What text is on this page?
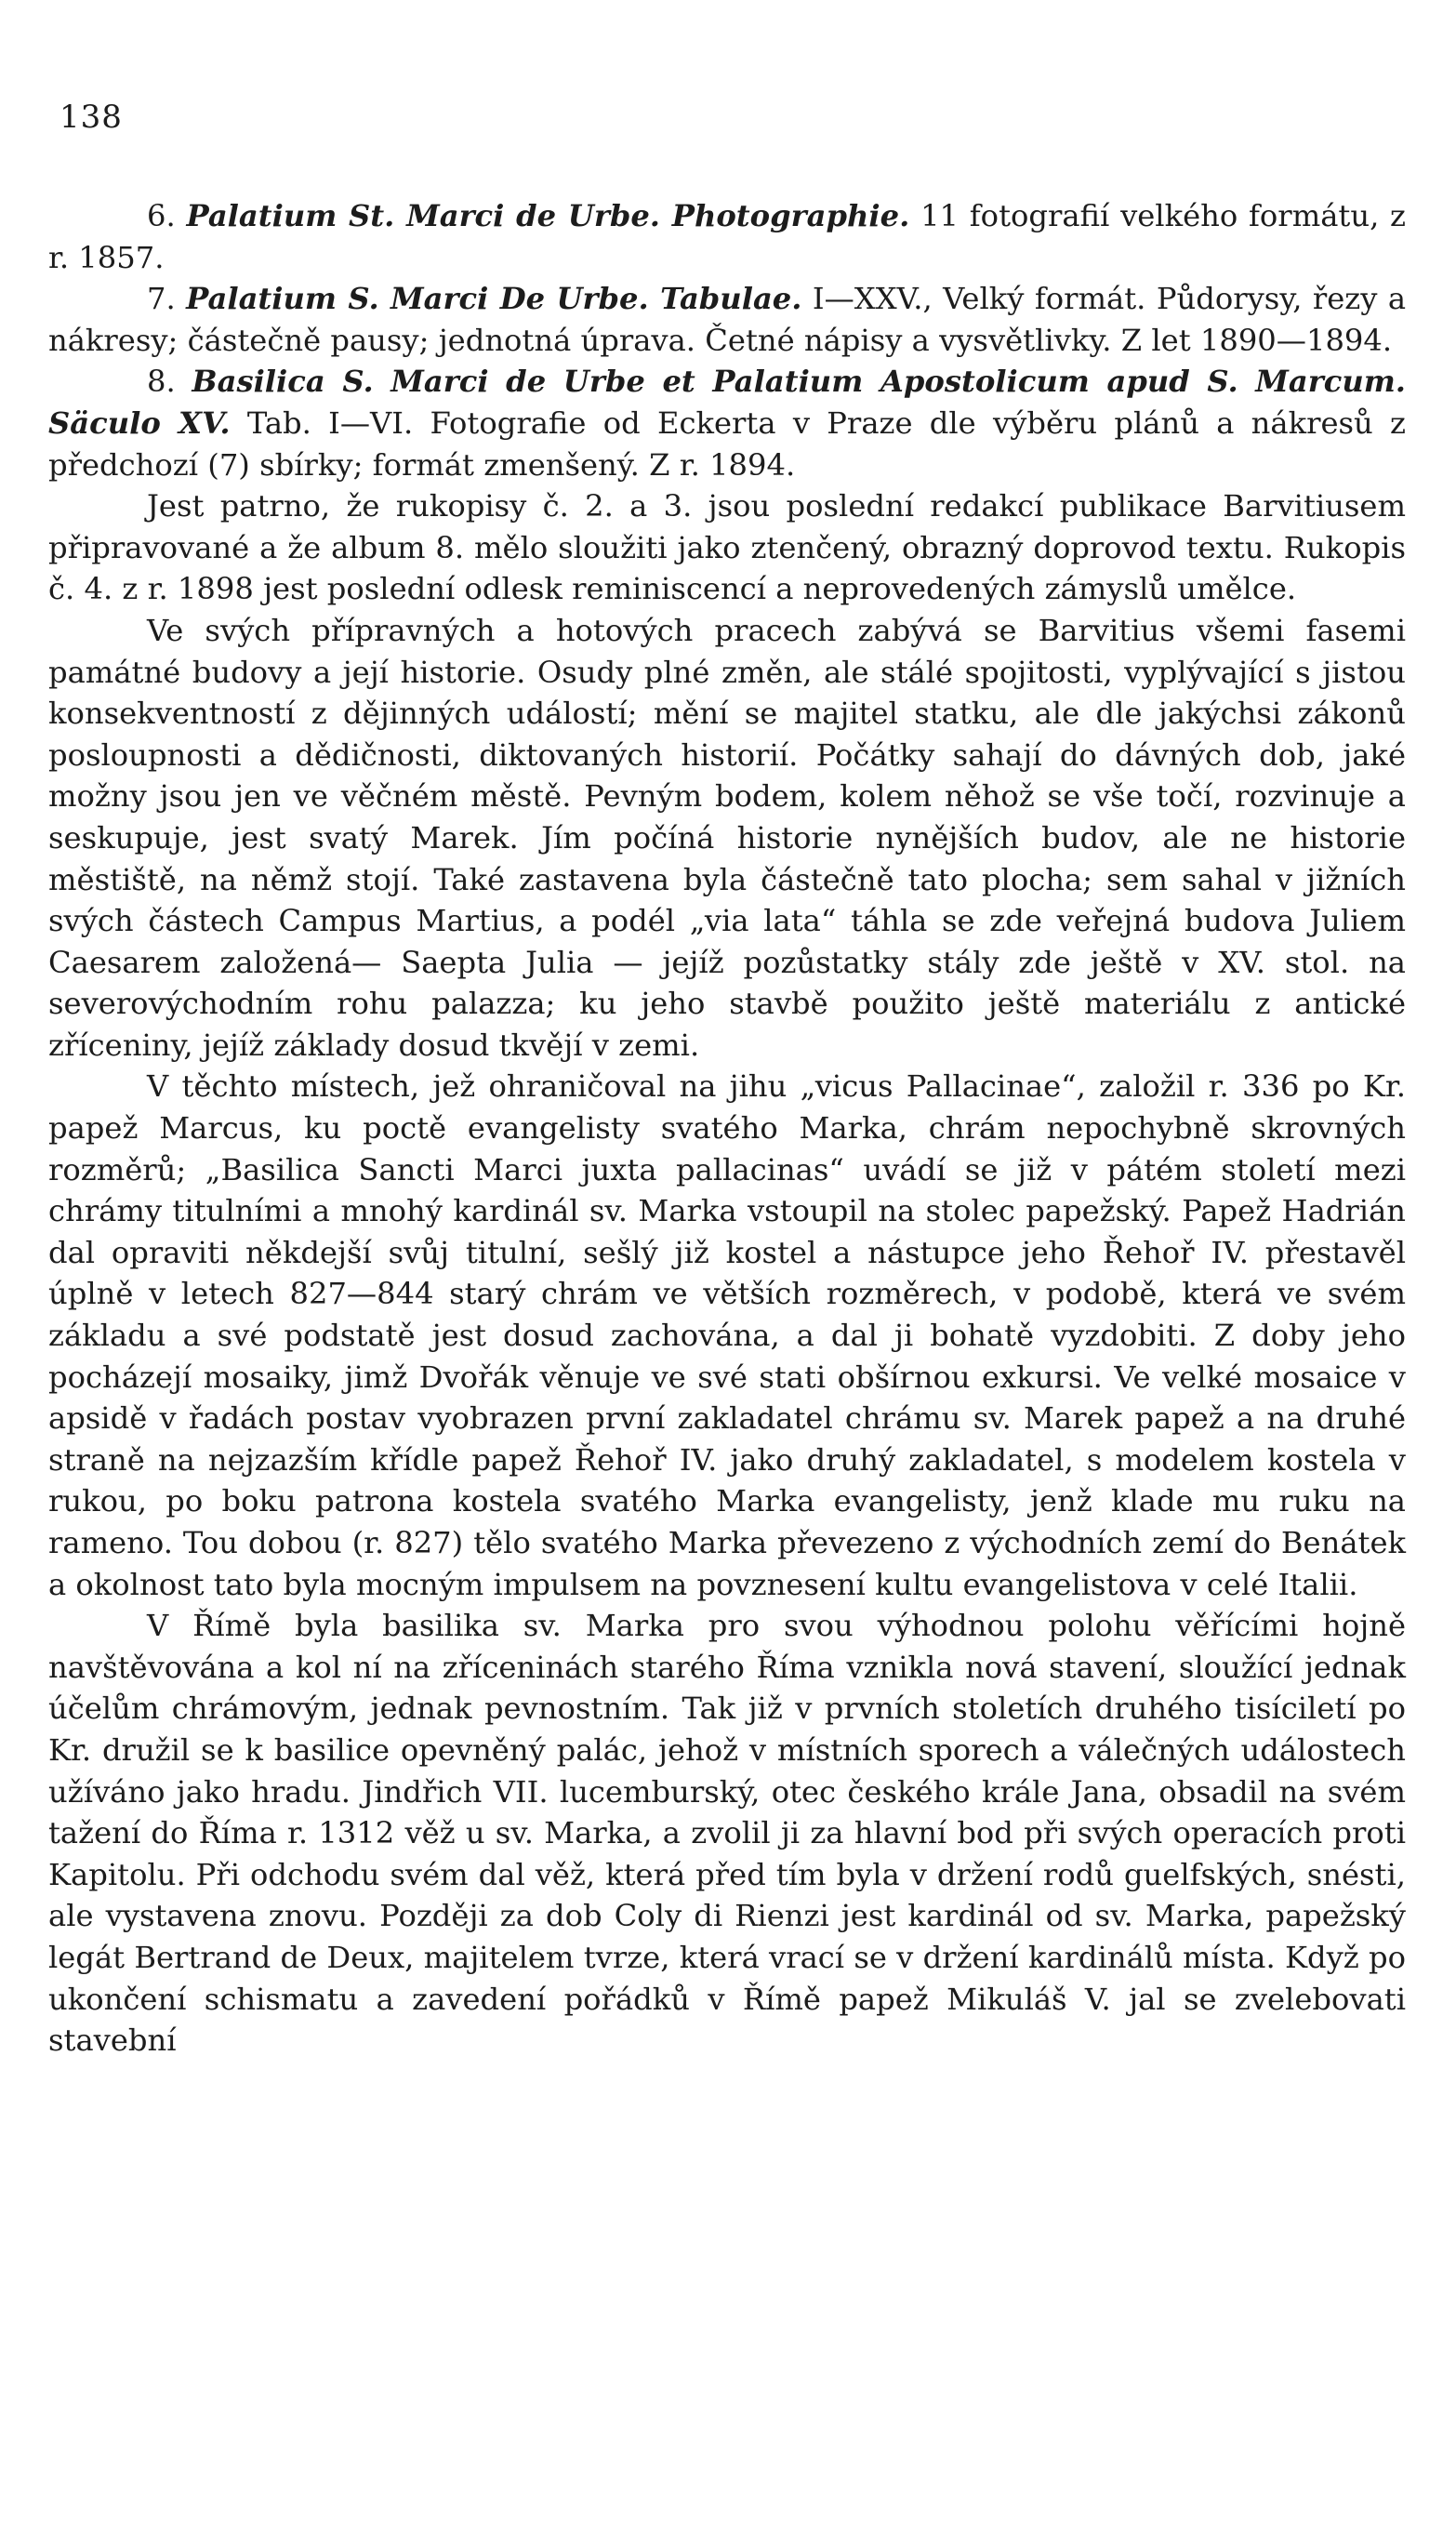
138

6. Palatium St. Marci de Urbe. Photographie. 11 fotografií velkého formátu, z r. 1857.

7. Palatium S. Marci De Urbe. Tabulae. I—XXV., Velký formát. Půdorysy, řezy a nákresy; částečně pausy; jednotná úprava. Četné nápisy a vysvětlivky. Z let 1890—1894.

8. Basilica S. Marci de Urbe et Palatium Apostolicum apud S. Marcum. Säculo XV. Tab. I—VI. Fotografie od Eckerta v Praze dle výběru plánů a nákresů z předchozí (7) sbírky; formát zmenšený. Z r. 1894.

Jest patrno, že rukopisy č. 2. a 3. jsou poslední redakcí publikace Barvitiusem připravované a že album 8. mělo sloužiti jako ztenčený, obrazný doprovod textu. Rukopis č. 4. z r. 1898 jest poslední odlesk reminiscencí a neprovedených zámyslů umělce.

Ve svých přípravných a hotových pracech zabývá se Barvitius všemi fasemi památné budovy a její historie. Osudy plné změn, ale stálé spojitosti, vyplývající s jistou konsekventností z dějinných událostí; mění se majitel statku, ale dle jakýchsi zákonů posloupnosti a dědičnosti, diktovaných historií. Počátky sahají do dávných dob, jaké možny jsou jen ve věčném městě. Pevným bodem, kolem něhož se vše točí, rozvinuje a seskupuje, jest svatý Marek. Jím počíná historie nynějších budov, ale ne historie městiště, na němž stojí. Také zastavena byla částečně tato plocha; sem sahal v jižních svých částech Campus Martius, a podél „via lata“ táhla se zde veřejná budova Juliem Caesarem založená— Saepta Julia — jejíž pozůstatky stály zde ještě v XV. stol. na severovýchodním rohu palazza; ku jeho stavbě použito ještě materiálu z antické zříceniny, jejíž základy dosud tkvějí v zemi.

V těchto místech, jež ohraničoval na jihu „vicus Pallacinae“, založil r. 336 po Kr. papež Marcus, ku poctě evangelisty svatého Marka, chrám nepochybně skrovných rozměrů; „Basilica Sancti Marci juxta pallacinas“ uvádí se již v pátém století mezi chrámy titulními a mnohý kardinál sv. Marka vstoupil na stolec papežský. Papež Hadrián dal opraviti někdejší svůj titulní, sešlý již kostel a nástupce jeho Řehoř IV. přestavěl úplně v letech 827—844 starý chrám ve větších rozměrech, v podobě, která ve svém základu a své podstatě jest dosud zachována, a dal ji bohatě vyzdobiti. Z doby jeho pocházejí mosaiky, jimž Dvořák věnuje ve své stati obšírnou exkursi. Ve velké mosaice v apsidě v řadách postav vyobrazen první zakladatel chrámu sv. Marek papež a na druhé straně na nejzazším křídle papež Řehoř IV. jako druhý zakladatel, s modelem kostela v rukou, po boku patrona kostela svatého Marka evangelisty, jenž klade mu ruku na rameno. Tou dobou (r. 827) tělo svatého Marka převezeno z východních zemí do Benátek a okolnost tato byla mocným impulsem na povznesení kultu evangelistova v celé Italii.

V Římě byla basilika sv. Marka pro svou výhodnou polohu věřícími hojně navštěvována a kol ní na zříceninách starého Říma vznikla nová stavení, sloužící jednak účelům chrámovým, jednak pevnostním. Tak již v prvních stoletích druhého tisíciletí po Kr. družil se k basilice opevněný palác, jehož v místních sporech a válečných událostech užíváno jako hradu. Jindřich VII. lucemburský, otec českého krále Jana, obsadil na svém tažení do Říma r. 1312 věž u sv. Marka, a zvolil ji za hlavní bod při svých operacích proti Kapitolu. Při odchodu svém dal věž, která před tím byla v držení rodů guelfských, snésti, ale vystavena znovu. Později za dob Coly di Rienzi jest kardinál od sv. Marka, papežský legát Bertrand de Deux, majitelem tvrze, která vrací se v držení kardinálů místa. Když po ukončení schismatu a zavedení pořádků v Římě papež Mikuláš V. jal se zvelebovati stavební
